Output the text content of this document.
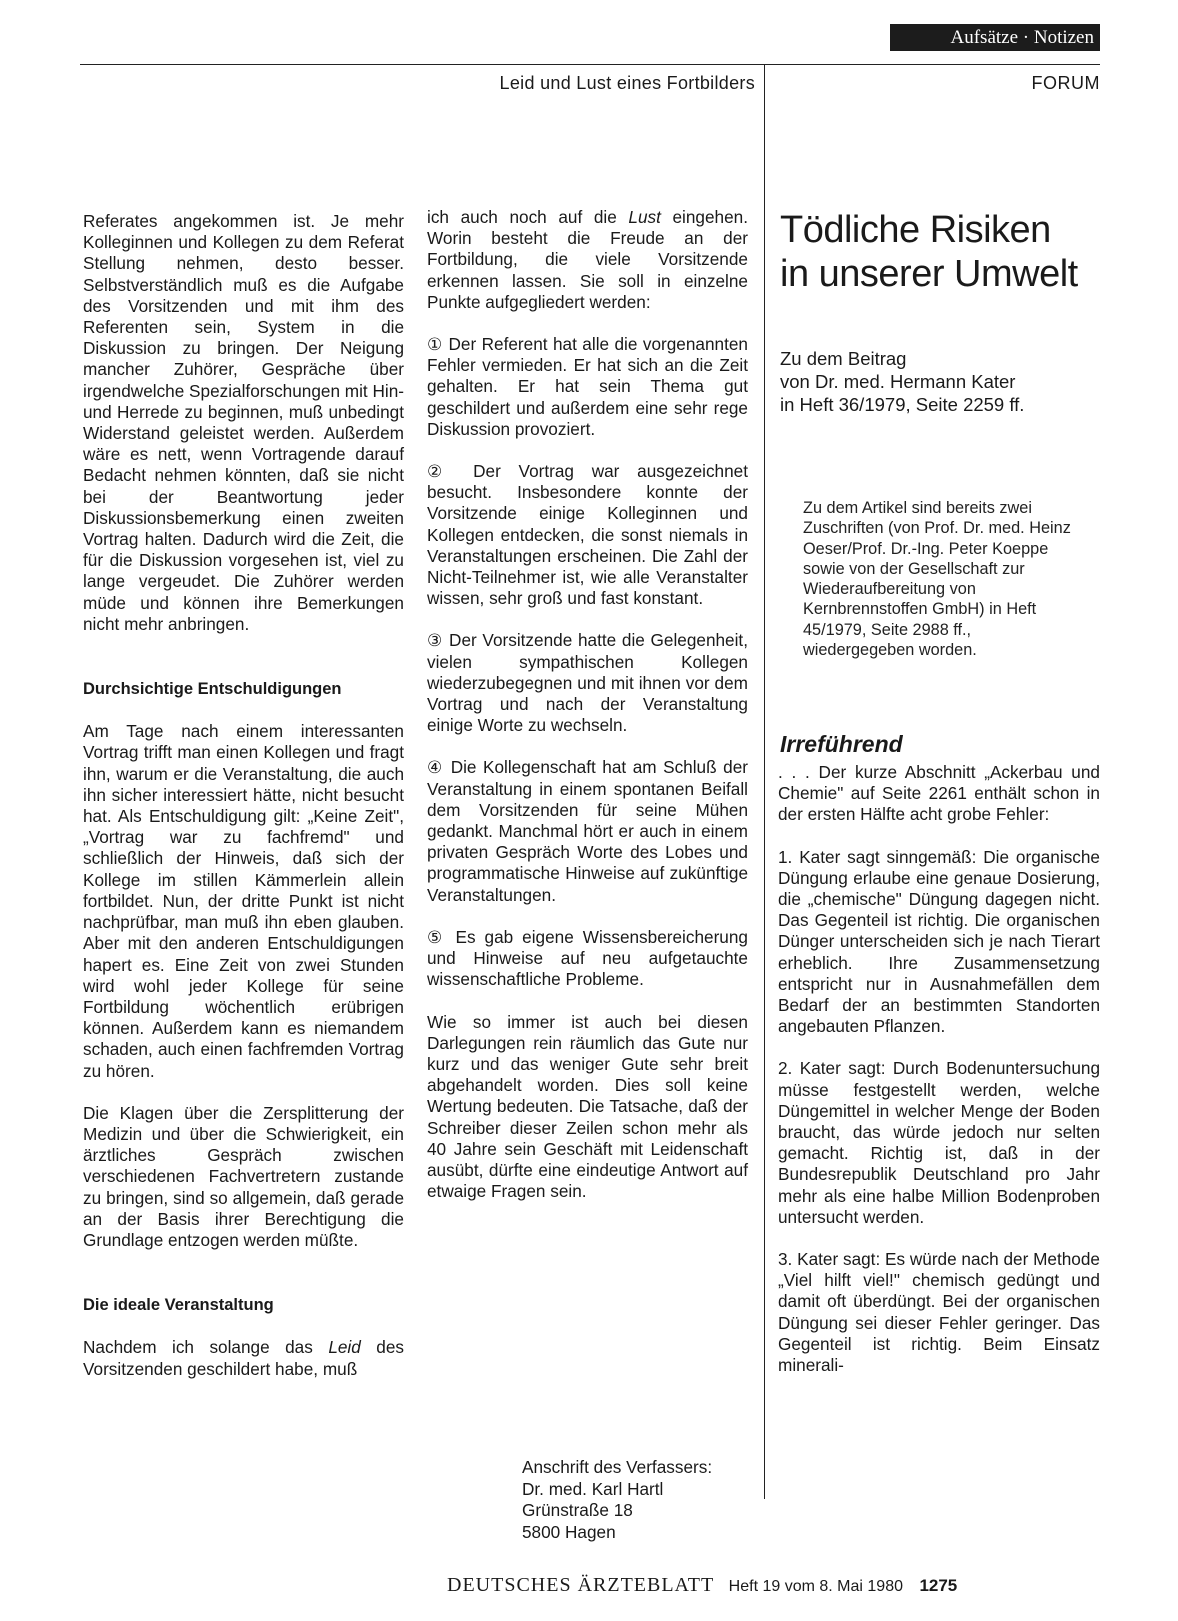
Aufsätze · Notizen
Leid und Lust eines Fortbilders	FORUM

Referates angekommen ist. Je mehr Kolleginnen und Kollegen zu dem Referat Stellung nehmen, desto besser. Selbstverständlich muß es die Aufgabe des Vorsitzenden und mit ihm des Referenten sein, System in die Diskussion zu bringen. Der Neigung mancher Zuhörer, Gespräche über irgendwelche Spezialforschungen mit Hin- und Herrede zu beginnen, muß unbedingt Widerstand geleistet werden. Außerdem wäre es nett, wenn Vortragende darauf Bedacht nehmen könnten, daß sie nicht bei der Beantwortung jeder Diskussionsbemerkung einen zweiten Vortrag halten. Dadurch wird die Zeit, die für die Diskussion vorgesehen ist, viel zu lange vergeudet. Die Zuhörer werden müde und können ihre Bemerkungen nicht mehr anbringen.

Durchsichtige Entschuldigungen

Am Tage nach einem interessanten Vortrag trifft man einen Kollegen und fragt ihn, warum er die Veranstaltung, die auch ihn sicher interessiert hätte, nicht besucht hat. Als Entschuldigung gilt: „Keine Zeit", „Vortrag war zu fachfremd" und schließlich der Hinweis, daß sich der Kollege im stillen Kämmerlein allein fortbildet. Nun, der dritte Punkt ist nicht nachprüfbar, man muß ihn eben glauben. Aber mit den anderen Entschuldigungen hapert es. Eine Zeit von zwei Stunden wird wohl jeder Kollege für seine Fortbildung wöchentlich erübrigen können. Außerdem kann es niemandem schaden, auch einen fachfremden Vortrag zu hören.

Die Klagen über die Zersplitterung der Medizin und über die Schwierigkeit, ein ärztliches Gespräch zwischen verschiedenen Fachvertretern zustande zu bringen, sind so allgemein, daß gerade an der Basis ihrer Berechtigung die Grundlage entzogen werden müßte.

Die ideale Veranstaltung

Nachdem ich solange das Leid des Vorsitzenden geschildert habe, muß

ich auch noch auf die Lust eingehen. Worin besteht die Freude an der Fortbildung, die viele Vorsitzende erkennen lassen. Sie soll in einzelne Punkte aufgegliedert werden:

① Der Referent hat alle die vorgenannten Fehler vermieden. Er hat sich an die Zeit gehalten. Er hat sein Thema gut geschildert und außerdem eine sehr rege Diskussion provoziert.

② Der Vortrag war ausgezeichnet besucht. Insbesondere konnte der Vorsitzende einige Kolleginnen und Kollegen entdecken, die sonst niemals in Veranstaltungen erscheinen. Die Zahl der Nicht-Teilnehmer ist, wie alle Veranstalter wissen, sehr groß und fast konstant.

③ Der Vorsitzende hatte die Gelegenheit, vielen sympathischen Kollegen wiederzubegegnen und mit ihnen vor dem Vortrag und nach der Veranstaltung einige Worte zu wechseln.

④ Die Kollegenschaft hat am Schluß der Veranstaltung in einem spontanen Beifall dem Vorsitzenden für seine Mühen gedankt. Manchmal hört er auch in einem privaten Gespräch Worte des Lobes und programmatische Hinweise auf zukünftige Veranstaltungen.

⑤ Es gab eigene Wissensbereicherung und Hinweise auf neu aufgetauchte wissenschaftliche Probleme.

Wie so immer ist auch bei diesen Darlegungen rein räumlich das Gute nur kurz und das weniger Gute sehr breit abgehandelt worden. Dies soll keine Wertung bedeuten. Die Tatsache, daß der Schreiber dieser Zeilen schon mehr als 40 Jahre sein Geschäft mit Leidenschaft ausübt, dürfte eine eindeutige Antwort auf etwaige Fragen sein.

Anschrift des Verfassers:
Dr. med. Karl Hartl
Grünstraße 18
5800 Hagen
Tödliche Risiken
in unserer Umwelt
Zu dem Beitrag
von Dr. med. Hermann Kater
in Heft 36/1979, Seite 2259 ff.
Zu dem Artikel sind bereits zwei Zuschriften (von Prof. Dr. med. Heinz Oeser/Prof. Dr.-Ing. Peter Koeppe sowie von der Gesellschaft zur Wiederaufbereitung von Kernbrennstoffen GmbH) in Heft 45/1979, Seite 2988 ff., wiedergegeben worden.
Irreführend

. . . Der kurze Abschnitt „Ackerbau und Chemie" auf Seite 2261 enthält schon in der ersten Hälfte acht grobe Fehler:

1. Kater sagt sinngemäß: Die organische Düngung erlaube eine genaue Dosierung, die „chemische" Düngung dagegen nicht. Das Gegenteil ist richtig. Die organischen Dünger unterscheiden sich je nach Tierart erheblich. Ihre Zusammensetzung entspricht nur in Ausnahmefällen dem Bedarf der an bestimmten Standorten angebauten Pflanzen.

2. Kater sagt: Durch Bodenuntersuchung müsse festgestellt werden, welche Düngemittel in welcher Menge der Boden braucht, das würde jedoch nur selten gemacht. Richtig ist, daß in der Bundesrepublik Deutschland pro Jahr mehr als eine halbe Million Bodenproben untersucht werden.

3. Kater sagt: Es würde nach der Methode „Viel hilft viel!" chemisch gedüngt und damit oft überdüngt. Bei der organischen Düngung sei dieser Fehler geringer. Das Gegenteil ist richtig. Beim Einsatz minerali-

DEUTSCHES ÄRZTEBLATT Heft 19 vom 8. Mai 1980 1275
